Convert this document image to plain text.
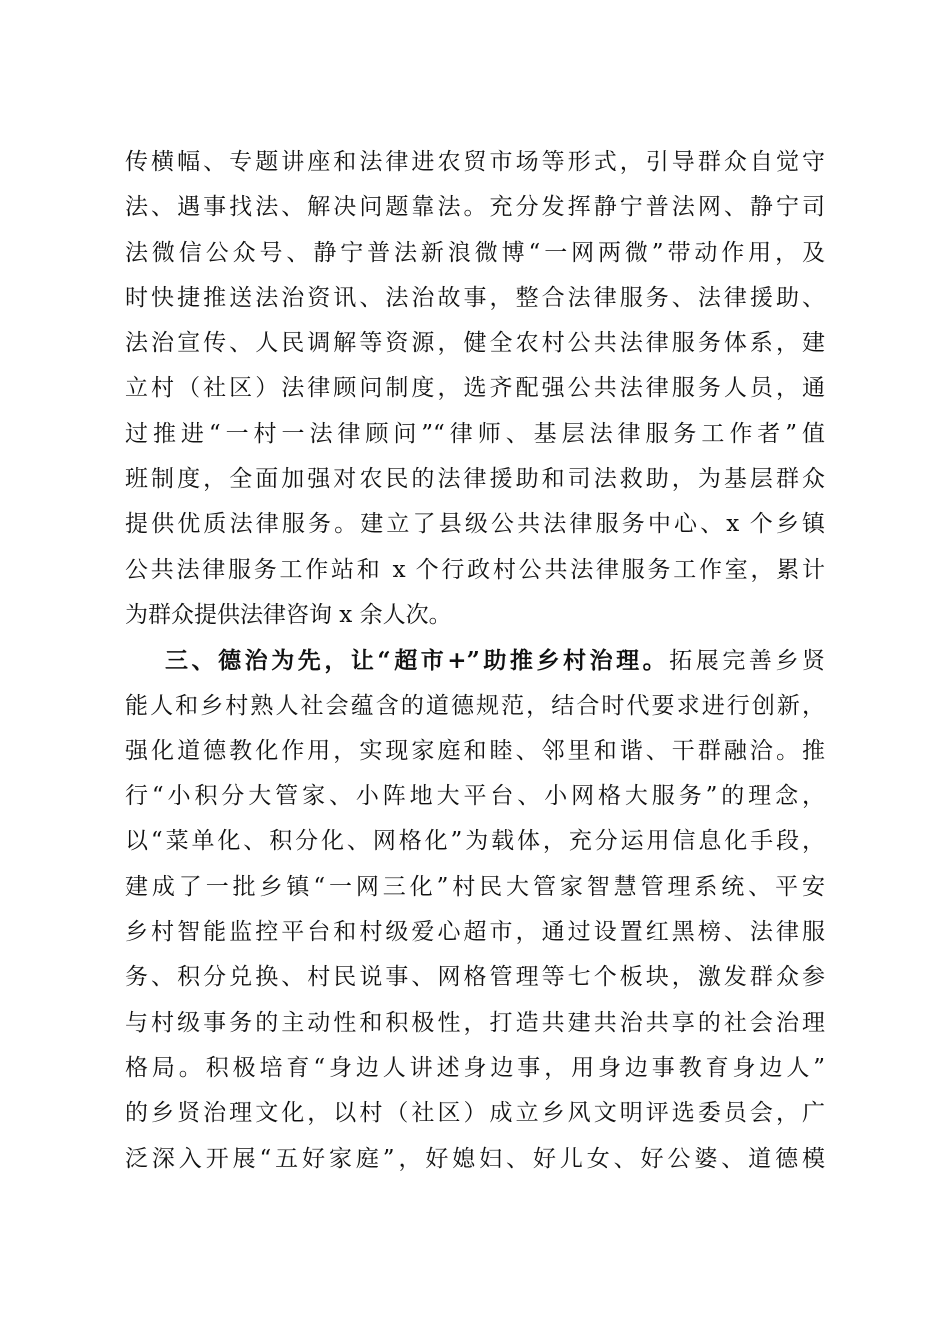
传横幅、专题讲座和法律进农贸市场等形式，引导群众自觉守
法、遇事找法、解决问题靠法。充分发挥静宁普法网、静宁司
法微信公众号、静宁普法新浪微博“一网两微”带动作用，及
时快捷推送法治资讯、法治故事，整合法律服务、法律援助、
法治宣传、人民调解等资源，健全农村公共法律服务体系，建
立村（社区）法律顾问制度，选齐配强公共法律服务人员，通
过推进“一村一法律顾问”“律师、基层法律服务工作者”值
班制度，全面加强对农民的法律援助和司法救助，为基层群众
提供优质法律服务。建立了县级公共法律服务中心、x 个乡镇
公共法律服务工作站和 x 个行政村公共法律服务工作室，累计
为群众提供法律咨询 x 余人次。
三、德治为先，让“超市+”助推乡村治理。拓展完善乡贤
能人和乡村熟人社会蕴含的道德规范，结合时代要求进行创新，
强化道德教化作用，实现家庭和睦、邻里和谐、干群融洽。推
行“小积分大管家、小阵地大平台、小网格大服务”的理念，
以“菜单化、积分化、网格化”为载体，充分运用信息化手段，
建成了一批乡镇“一网三化”村民大管家智慧管理系统、平安
乡村智能监控平台和村级爱心超市，通过设置红黑榜、法律服
务、积分兑换、村民说事、网格管理等七个板块，激发群众参
与村级事务的主动性和积极性，打造共建共治共享的社会治理
格局。积极培育“身边人讲述身边事，用身边事教育身边人”
的乡贤治理文化，以村（社区）成立乡风文明评选委员会，广
泛深入开展“五好家庭”，好媳妇、好儿女、好公婆、道德模
